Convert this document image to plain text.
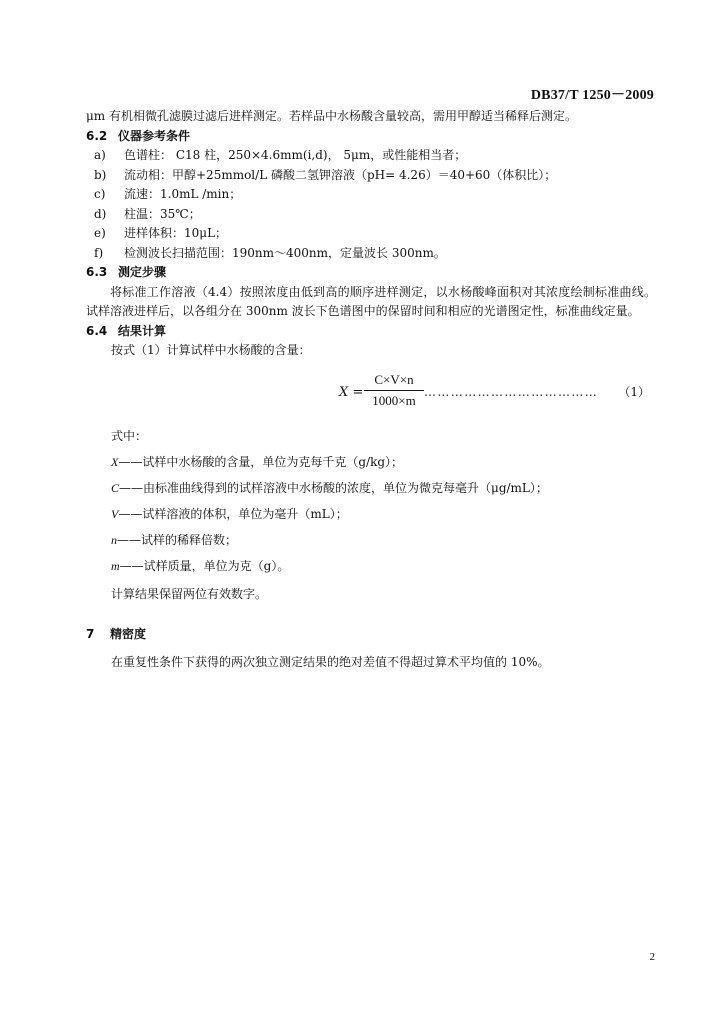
DB37/T 1250－2009
μm 有机相微孔滤膜过滤后进样测定。若样品中水杨酸含量较高，需用甲醇适当稀释后测定。
6.2 仪器参考条件
a) 色谱柱： C18 柱，250×4.6mm(i,d)， 5μm，或性能相当者；
b) 流动相：甲醇+25mmol/L 磷酸二氢钾溶液（pH= 4.26）＝40+60（体积比）；
c) 流速：1.0mL /min；
d) 柱温：35℃；
e) 进样体积：10μL；
f) 检测波长扫描范围：190nm～400nm，定量波长 300nm。
6.3 测定步骤
将标准工作溶液（4.4）按照浓度由低到高的顺序进样测定，以水杨酸峰面积对其浓度绘制标准曲线。试样溶液进样后，以各组分在 300nm 波长下色谱图中的保留时间和相应的光谱图定性，标准曲线定量。
6.4 结果计算
按式（1）计算试样中水杨酸的含量：
$X = \frac{C\times V\times n}{1000\times m}$ ………………………………… （1）
式中：
X——试样中水杨酸的含量，单位为克每千克（g/kg）；
C——由标准曲线得到的试样溶液中水杨酸的浓度，单位为微克每毫升（μg/mL）；
V——试样溶液的体积，单位为毫升（mL）；
n——试样的稀释倍数；
m——试样质量，单位为克（g）。
计算结果保留两位有效数字。
7 精密度
在重复性条件下获得的两次独立测定结果的绝对差值不得超过算术平均值的 10%。
2
